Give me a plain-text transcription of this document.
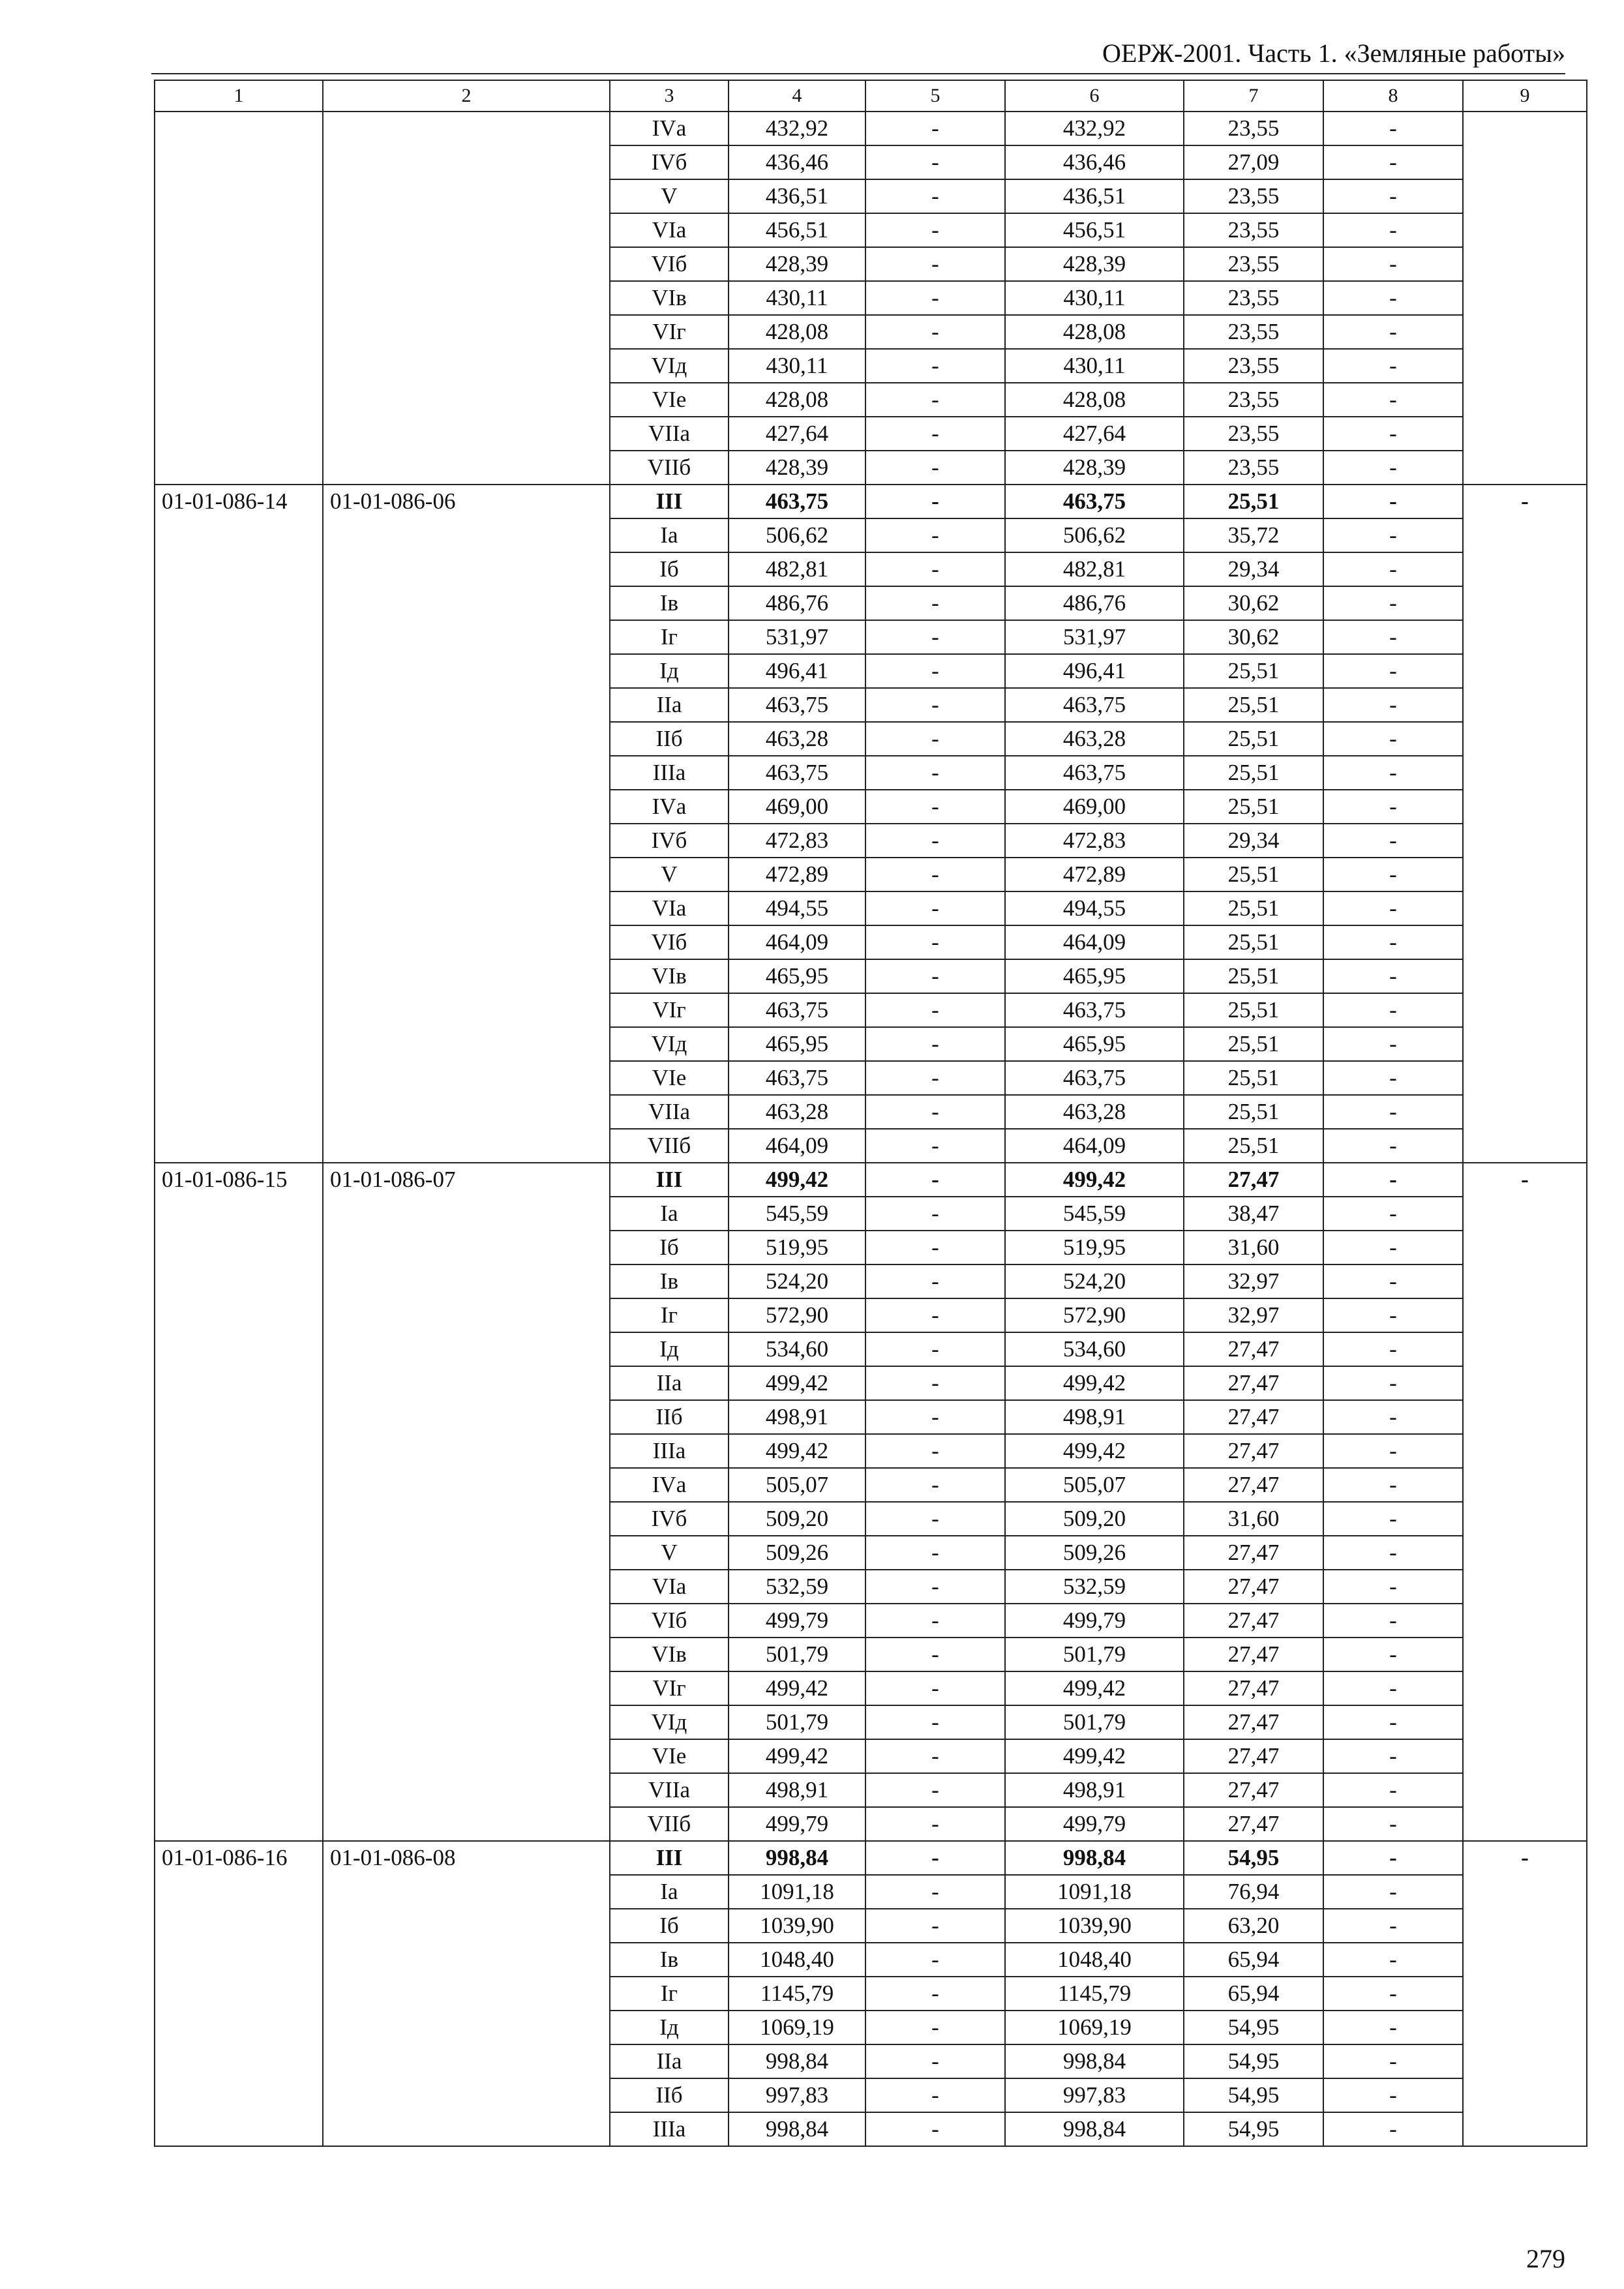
ОЕРЖ-2001. Часть 1. «Земляные работы»
1	2	3	4	5	6	7	8	9
		IVа	432,92	-	432,92	23,55	-	
		IVб	436,46	-	436,46	27,09	-	
		V	436,51	-	436,51	23,55	-	
		VIа	456,51	-	456,51	23,55	-	
		VIб	428,39	-	428,39	23,55	-	
		VIв	430,11	-	430,11	23,55	-	
		VIг	428,08	-	428,08	23,55	-	
		VIд	430,11	-	430,11	23,55	-	
		VIе	428,08	-	428,08	23,55	-	
		VIIа	427,64	-	427,64	23,55	-	
		VIIб	428,39	-	428,39	23,55	-	
01-01-086-14	01-01-086-06	III	463,75	-	463,75	25,51	-	-
		Iа	506,62	-	506,62	35,72	-	
		Iб	482,81	-	482,81	29,34	-	
		Iв	486,76	-	486,76	30,62	-	
		Iг	531,97	-	531,97	30,62	-	
		Iд	496,41	-	496,41	25,51	-	
		IIа	463,75	-	463,75	25,51	-	
		IIб	463,28	-	463,28	25,51	-	
		IIIа	463,75	-	463,75	25,51	-	
		IVа	469,00	-	469,00	25,51	-	
		IVб	472,83	-	472,83	29,34	-	
		V	472,89	-	472,89	25,51	-	
		VIа	494,55	-	494,55	25,51	-	
		VIб	464,09	-	464,09	25,51	-	
		VIв	465,95	-	465,95	25,51	-	
		VIг	463,75	-	463,75	25,51	-	
		VIд	465,95	-	465,95	25,51	-	
		VIе	463,75	-	463,75	25,51	-	
		VIIа	463,28	-	463,28	25,51	-	
		VIIб	464,09	-	464,09	25,51	-	
01-01-086-15	01-01-086-07	III	499,42	-	499,42	27,47	-	-
		Iа	545,59	-	545,59	38,47	-	
		Iб	519,95	-	519,95	31,60	-	
		Iв	524,20	-	524,20	32,97	-	
		Iг	572,90	-	572,90	32,97	-	
		Iд	534,60	-	534,60	27,47	-	
		IIа	499,42	-	499,42	27,47	-	
		IIб	498,91	-	498,91	27,47	-	
		IIIа	499,42	-	499,42	27,47	-	
		IVа	505,07	-	505,07	27,47	-	
		IVб	509,20	-	509,20	31,60	-	
		V	509,26	-	509,26	27,47	-	
		VIа	532,59	-	532,59	27,47	-	
		VIб	499,79	-	499,79	27,47	-	
		VIв	501,79	-	501,79	27,47	-	
		VIг	499,42	-	499,42	27,47	-	
		VIд	501,79	-	501,79	27,47	-	
		VIе	499,42	-	499,42	27,47	-	
		VIIа	498,91	-	498,91	27,47	-	
		VIIб	499,79	-	499,79	27,47	-	
01-01-086-16	01-01-086-08	III	998,84	-	998,84	54,95	-	-
		Iа	1091,18	-	1091,18	76,94	-	
		Iб	1039,90	-	1039,90	63,20	-	
		Iв	1048,40	-	1048,40	65,94	-	
		Iг	1145,79	-	1145,79	65,94	-	
		Iд	1069,19	-	1069,19	54,95	-	
		IIа	998,84	-	998,84	54,95	-	
		IIб	997,83	-	997,83	54,95	-	
		IIIа	998,84	-	998,84	54,95	-	
279
